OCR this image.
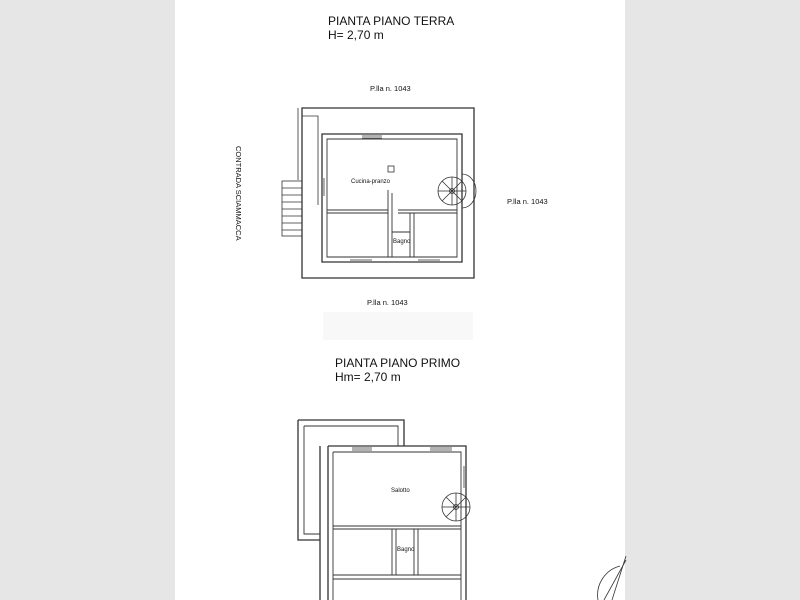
PIANTA PIANO TERRA
H= 2,70 m
P.lla n. 1043
P.lla n. 1043
P.lla n. 1043
CONTRADA SCIAMMACCA	Cucina-pranzo
Bagno
PIANTA PIANO PRIMO
Hm= 2,70 m
Salotto
Bagno
